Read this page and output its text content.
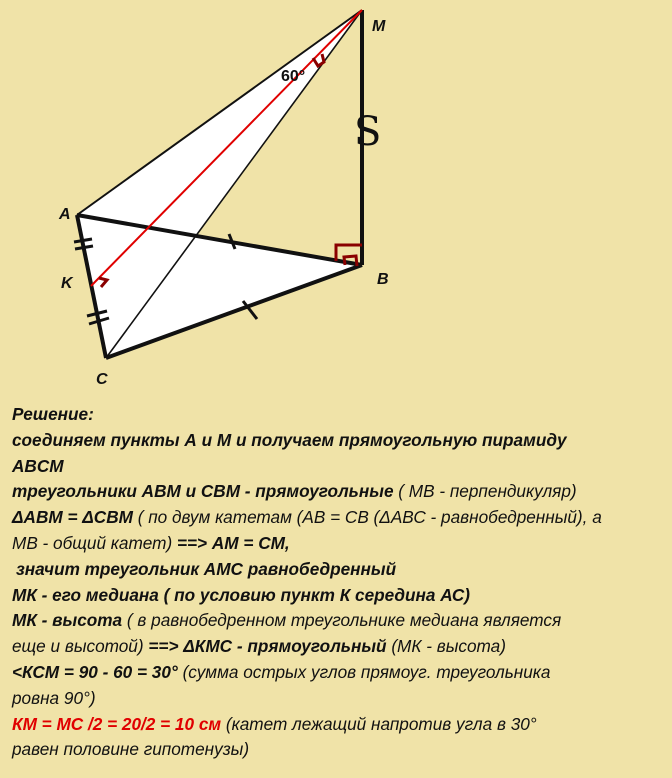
M
A
B
K
C
60°
S

Решение:

соединяем пункты А и М и получаем прямоугольную пирамиду

ABCM

треугольники АВМ и СВМ - прямоугольные ( МВ - перпендикуляр)

ΔАВМ = ΔСВМ ( по двум катетам (АВ = СВ (ΔАВС - равнобедренный), а

МВ - общий катет) ==> АМ = СМ,

значит треугольник АМС равнобедренный

МК - его медиана ( по условию пункт К середина АС)

МК - высота ( в равнобедренном треугольнике медиана является

еще и высотой) ==> ΔКМС - прямоугольный (МК - высота)

<КСМ = 90 - 60 = 30° (сумма острых углов прямоуг. треугольника

ровна 90°)

КМ = МС /2 = 20/2 = 10 см (катет лежащий напротив угла в 30°

равен половине гипотенузы)
